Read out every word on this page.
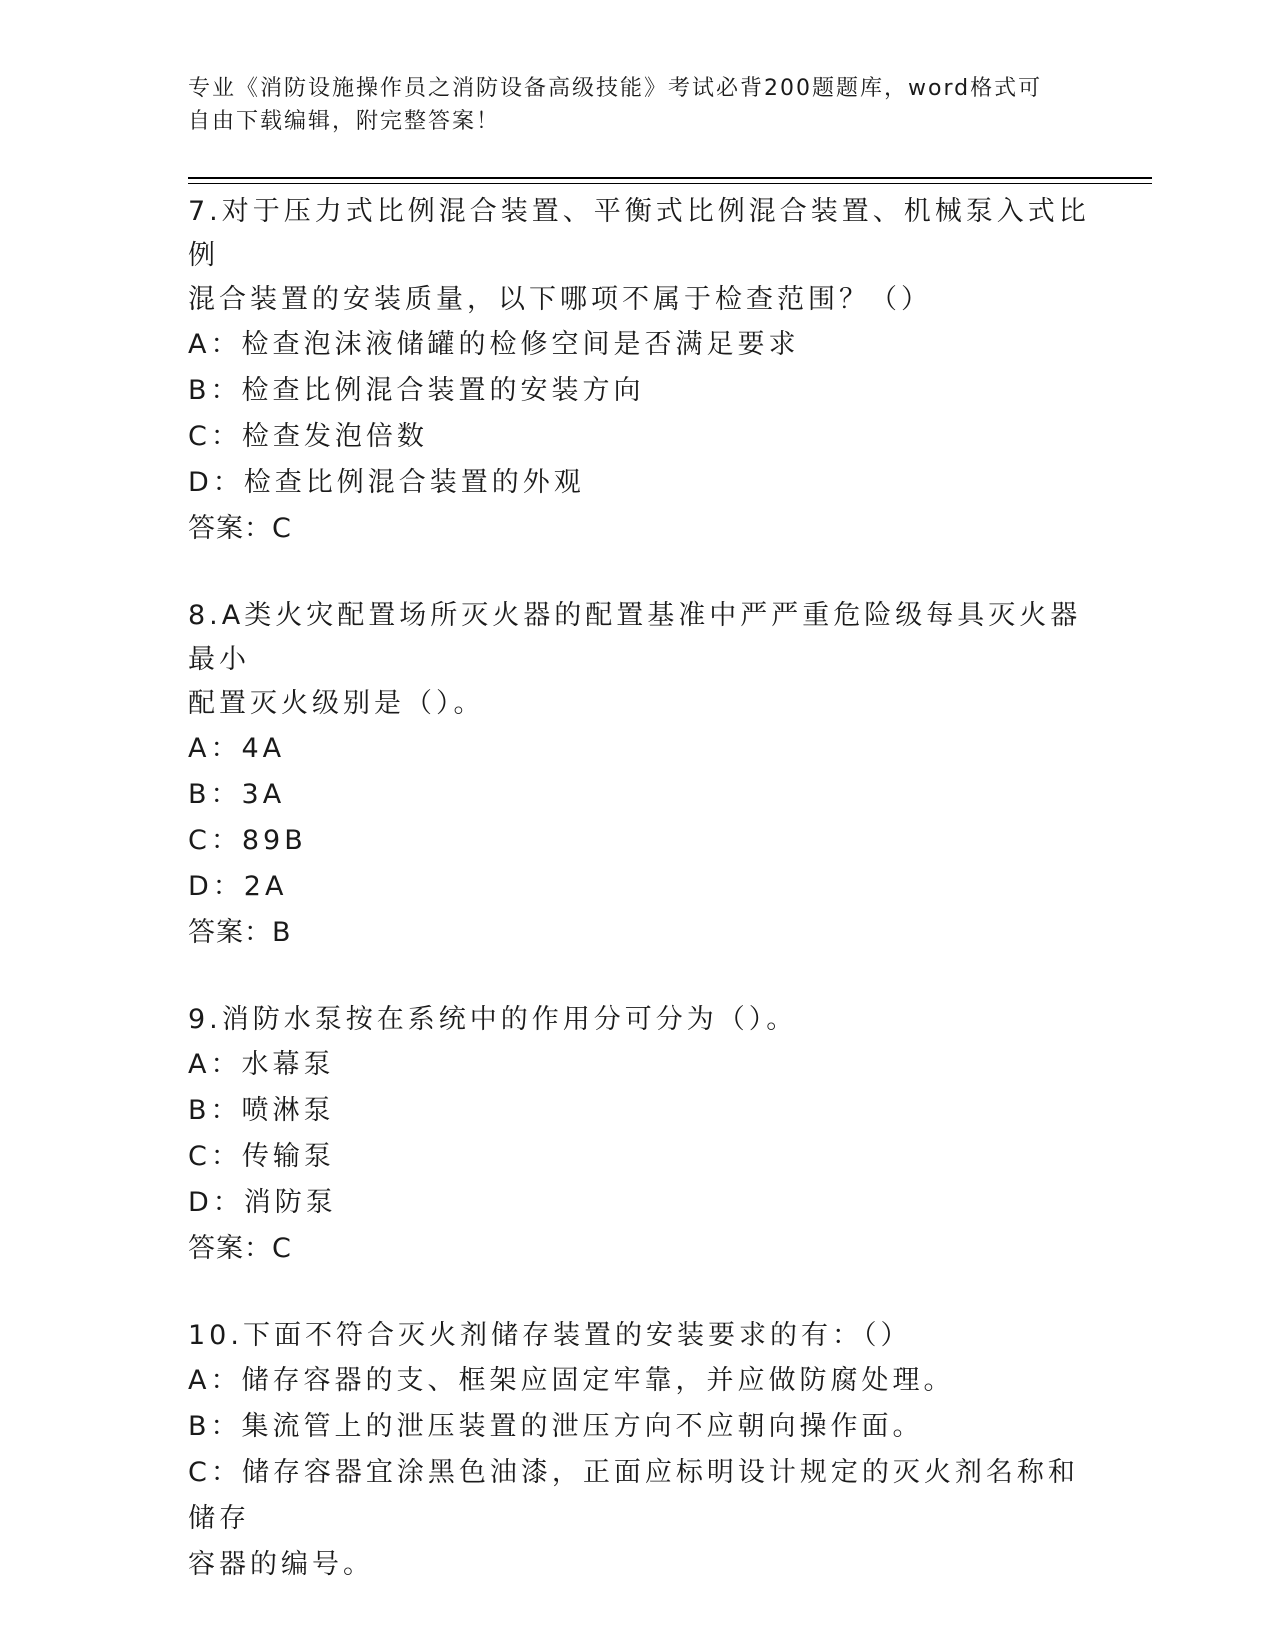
专业《消防设施操作员之消防设备高级技能》考试必背200题题库，word格式可
自由下载编辑，附完整答案！

7.对于压力式比例混合装置、平衡式比例混合装置、机械泵入式比例
混合装置的安装质量，以下哪项不属于检查范围？（）

A：检查泡沫液储罐的检修空间是否满足要求

B：检查比例混合装置的安装方向

C：检查发泡倍数

D：检查比例混合装置的外观

答案：C

8.A类火灾配置场所灭火器的配置基准中严严重危险级每具灭火器最小
配置灭火级别是（）。

A：4A

B：3A

C：89B

D：2A

答案：B

9.消防水泵按在系统中的作用分可分为（）。

A：水幕泵

B：喷淋泵

C：传输泵

D：消防泵

答案：C

10.下面不符合灭火剂储存装置的安装要求的有：（）

A：储存容器的支、框架应固定牢靠，并应做防腐处理。

B：集流管上的泄压装置的泄压方向不应朝向操作面。

C：储存容器宜涂黑色油漆，正面应标明设计规定的灭火剂名称和储存
容器的编号。
